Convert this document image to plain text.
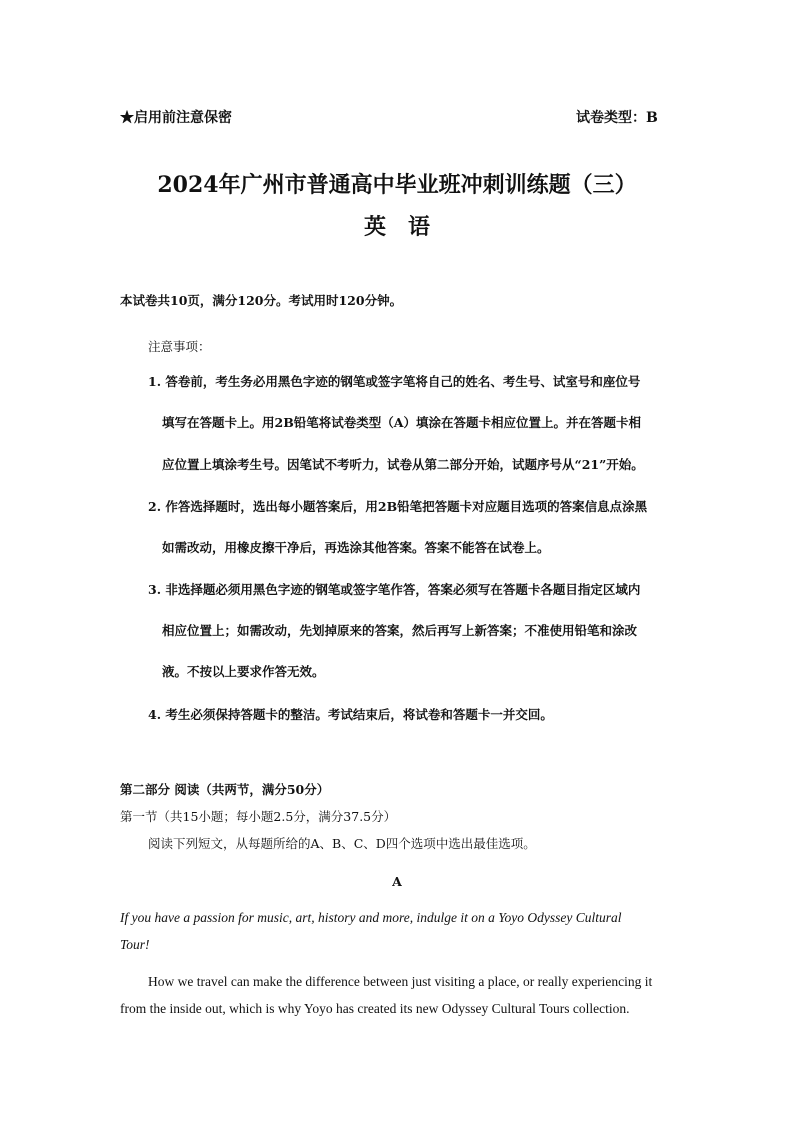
★启用前注意保密	试卷类型：B
2024年广州市普通高中毕业班冲刺训练题（三）
英　语
本试卷共10页，满分120分。考试用时120分钟。
注意事项：
1. 答卷前，考生务必用黑色字迹的钢笔或签字笔将自己的姓名、考生号、试室号和座位号
填写在答题卡上。用2B铅笔将试卷类型（A）填涂在答题卡相应位置上。并在答题卡相
应位置上填涂考生号。因笔试不考听力，试卷从第二部分开始，试题序号从“21”开始。
2. 作答选择题时，选出每小题答案后，用2B铅笔把答题卡对应题目选项的答案信息点涂黑
如需改动，用橡皮擦干净后，再选涂其他答案。答案不能答在试卷上。
3. 非选择题必须用黑色字迹的钢笔或签字笔作答，答案必须写在答题卡各题目指定区域内
相应位置上；如需改动，先划掉原来的答案，然后再写上新答案；不准使用铅笔和涂改
液。不按以上要求作答无效。
4. 考生必须保持答题卡的整洁。考试结束后，将试卷和答题卡一并交回。
第二部分 阅读（共两节，满分50分）
第一节（共15小题；每小题2.5分，满分37.5分）
阅读下列短文，从每题所给的A、B、C、D四个选项中选出最佳选项。
A
If you have a passion for music, art, history and more, indulge it on a Yoyo Odyssey Cultural
Tour!
How we travel can make the difference between just visiting a place, or really experiencing it
from the inside out, which is why Yoyo has created its new Odyssey Cultural Tours collection.
